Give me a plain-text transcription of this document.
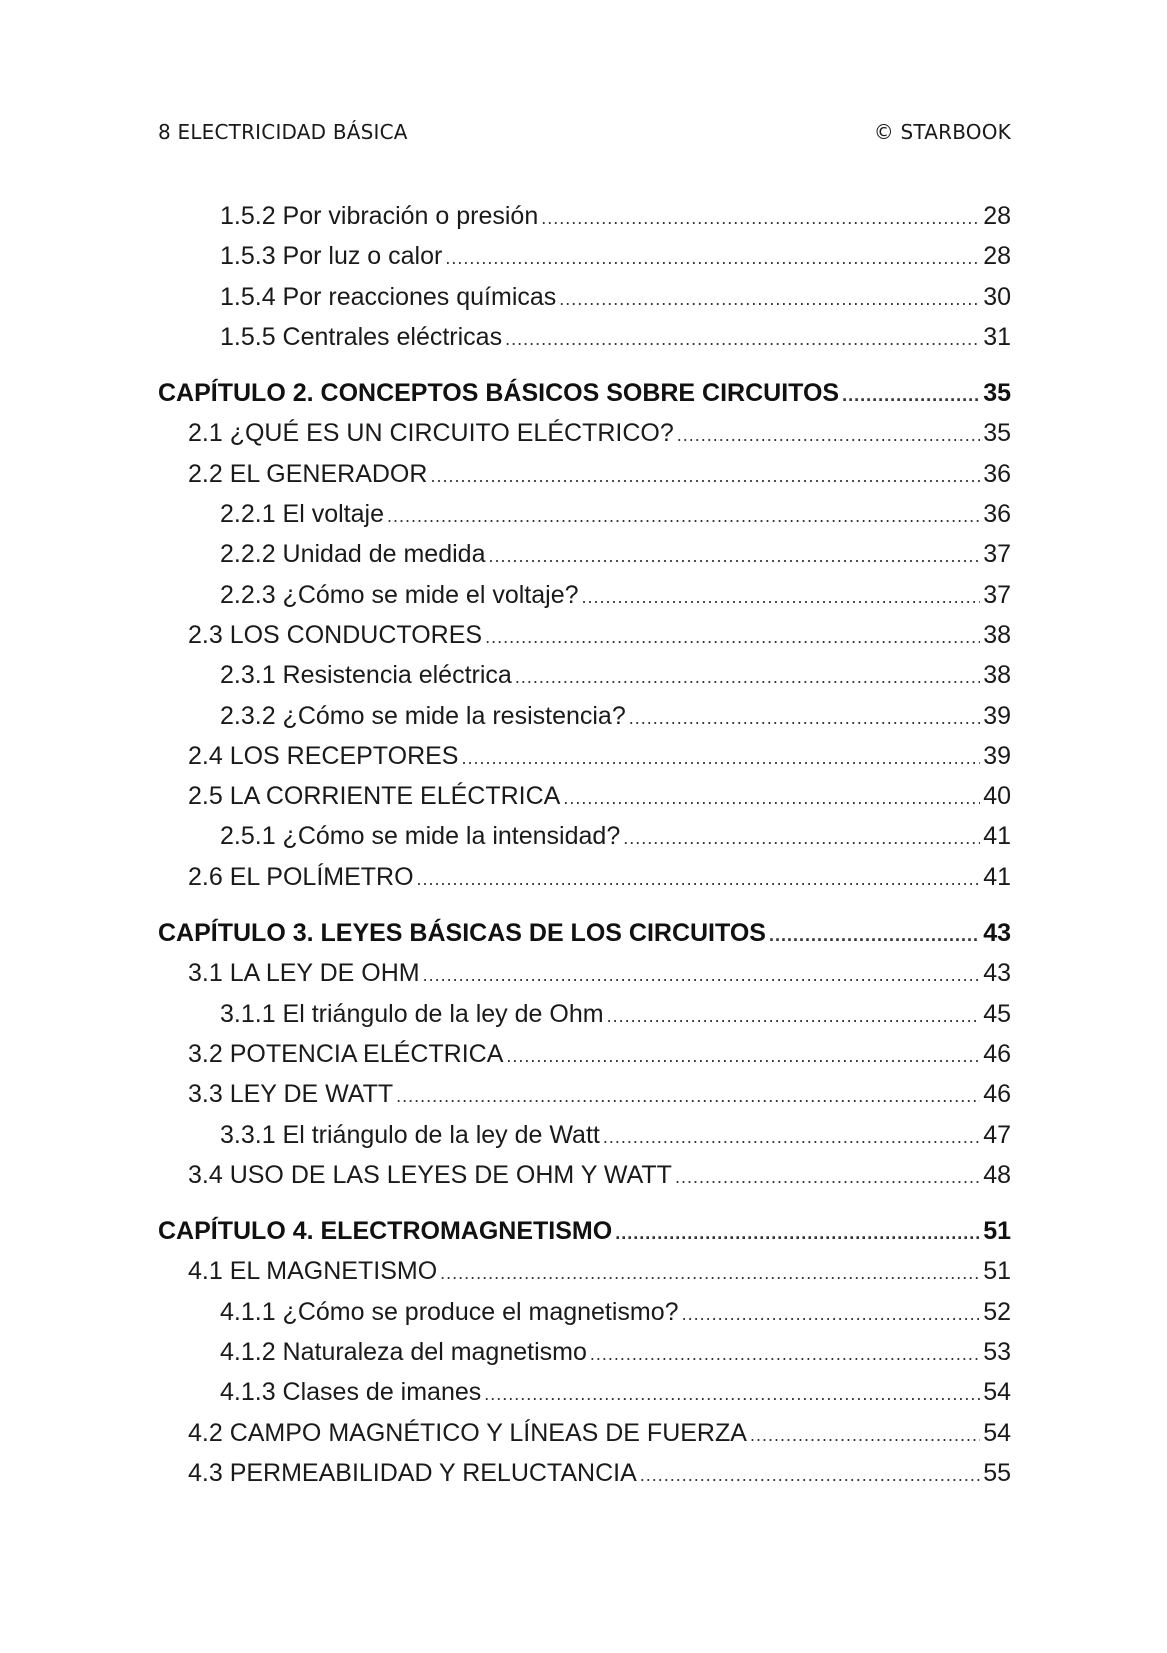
8 ELECTRICIDAD BÁSICA	© STARBOOK
1.5.2 Por vibración o presión .....	28
1.5.3 Por luz o calor .....	28
1.5.4 Por reacciones químicas .....	30
1.5.5 Centrales eléctricas .....	31
CAPÍTULO 2. CONCEPTOS BÁSICOS SOBRE CIRCUITOS .....	35
2.1 ¿QUÉ ES UN CIRCUITO ELÉCTRICO? .....	35
2.2 EL GENERADOR .....	36
2.2.1 El voltaje .....	36
2.2.2 Unidad de medida .....	37
2.2.3 ¿Cómo se mide el voltaje? .....	37
2.3 LOS CONDUCTORES .....	38
2.3.1 Resistencia eléctrica .....	38
2.3.2 ¿Cómo se mide la resistencia? .....	39
2.4 LOS RECEPTORES .....	39
2.5 LA CORRIENTE ELÉCTRICA .....	40
2.5.1 ¿Cómo se mide la intensidad? .....	41
2.6 EL POLÍMETRO .....	41
CAPÍTULO 3. LEYES BÁSICAS DE LOS CIRCUITOS .....	43
3.1 LA LEY DE OHM .....	43
3.1.1 El triángulo de la ley de Ohm .....	45
3.2 POTENCIA ELÉCTRICA .....	46
3.3 LEY DE WATT .....	46
3.3.1 El triángulo de la ley de Watt .....	47
3.4 USO DE LAS LEYES DE OHM Y WATT .....	48
CAPÍTULO 4. ELECTROMAGNETISMO .....	51
4.1 EL MAGNETISMO .....	51
4.1.1 ¿Cómo se produce el magnetismo? .....	52
4.1.2 Naturaleza del magnetismo .....	53
4.1.3 Clases de imanes .....	54
4.2 CAMPO MAGNÉTICO Y LÍNEAS DE FUERZA .....	54
4.3 PERMEABILIDAD Y RELUCTANCIA .....	55
